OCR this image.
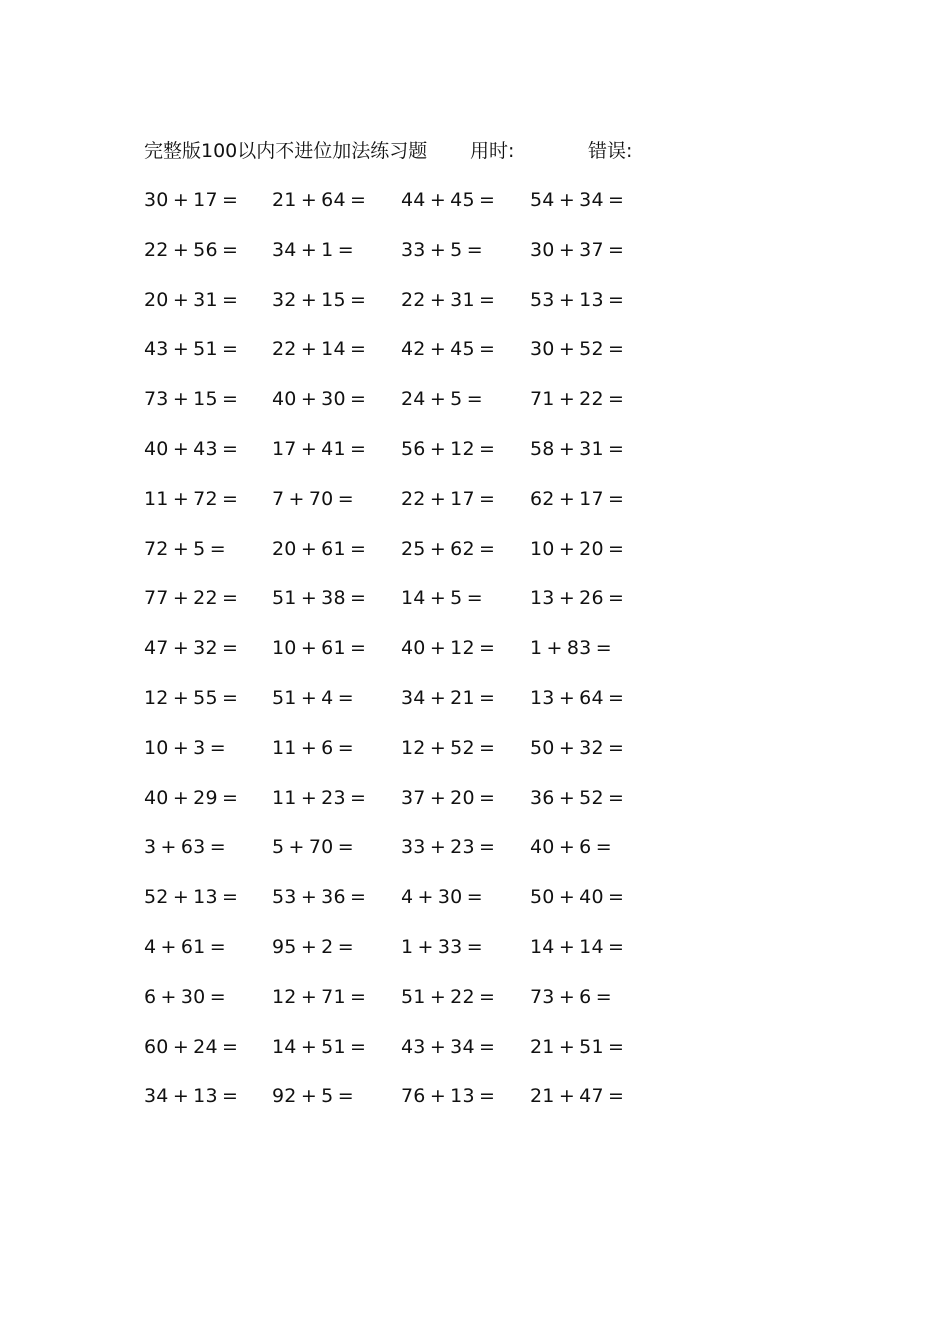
完整版100以内不进位加法练习题 用时:	错误:
30 + 17 = 21 + 64 = 44 + 45 = 54 + 34 =
22 + 56 = 34 + 1 = 33 + 5 = 30 + 37 =
20 + 31 = 32 + 15 = 22 + 31 = 53 + 13 =
43 + 51 = 22 + 14 = 42 + 45 = 30 + 52 =
73 + 15 = 40 + 30 = 24 + 5 = 71 + 22 =
40 + 43 = 17 + 41 = 56 + 12 = 58 + 31 =
11 + 72 = 7 + 70 = 22 + 17 = 62 + 17 =
72 + 5 = 20 + 61 = 25 + 62 = 10 + 20 =
77 + 22 = 51 + 38 = 14 + 5 = 13 + 26 =
47 + 32 = 10 + 61 = 40 + 12 = 1 + 83 =
12 + 55 = 51 + 4 = 34 + 21 = 13 + 64 =
10 + 3 = 11 + 6 = 12 + 52 = 50 + 32 =
40 + 29 = 11 + 23 = 37 + 20 = 36 + 52 =
3 + 63 = 5 + 70 = 33 + 23 = 40 + 6 =
52 + 13 = 53 + 36 = 4 + 30 = 50 + 40 =
4 + 61 = 95 + 2 = 1 + 33 = 14 + 14 =
6 + 30 = 12 + 71 = 51 + 22 = 73 + 6 =
60 + 24 = 14 + 51 = 43 + 34 = 21 + 51 =
34 + 13 = 92 + 5 = 76 + 13 = 21 + 47 =
